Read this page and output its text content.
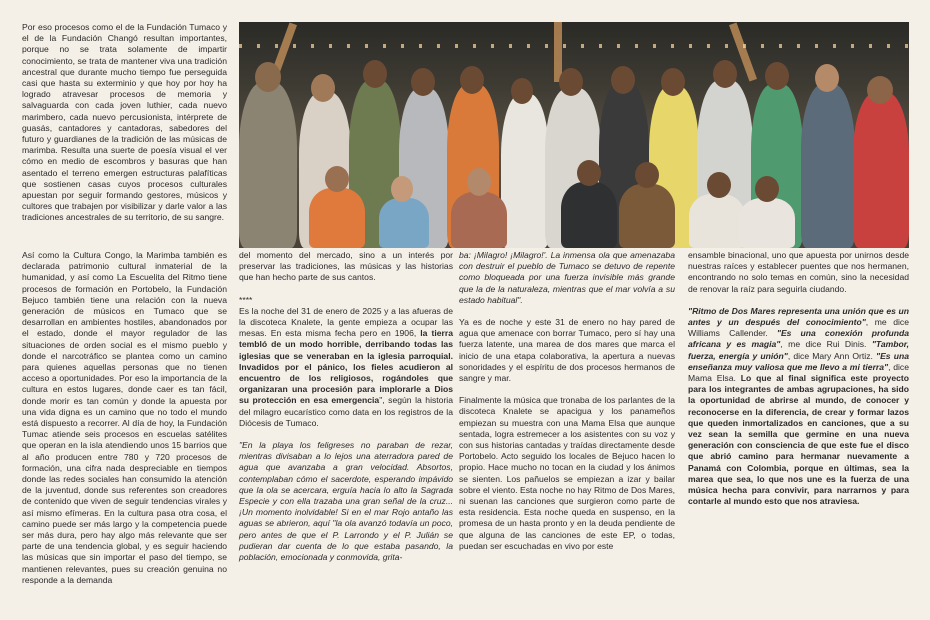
Por eso procesos como el de la Fundación Tumaco y el de la Fundación Changó resultan importantes, porque no se trata solamente de impartir conocimiento, se trata de mantener viva una tradición ancestral que durante mucho tiempo fue perseguida casi que hasta su exterminio y que hoy por hoy ha logrado atravesar procesos de memoria y salvaguarda con cada joven luthier, cada nuevo marimbero, cada nuevo percusionista, intérprete de guasás, cantadores y cantadoras, sabedores del futuro y guardianes de la tradición de las músicas de marimba. Resulta una suerte de poesía visual el ver cómo en medio de escombros y basuras que han asentado el terreno emergen estructuras palafíticas que sostienen casas cuyos procesos culturales apuestan por seguir formando gestores, músicos y cultores que trabajen por visibilizar y darle valor a las tradiciones ancestrales de su territorio, de su sangre.

Así como la Cultura Congo, la Marimba también es declarada patrimonio cultural inmaterial de la humanidad, y así como La Escuelita del Ritmo tiene procesos de formación en Portobelo, la Fundación Bejuco también tiene una relación con la nueva generación de músicos en Tumaco que se desarrollan en ambientes hostiles, abandonados por el estado, donde el mayor regulador de las situaciones de orden social es el mismo pueblo y donde el narcotráfico se plantea como un camino para quienes aquellas personas que no tienen acceso a oportunidades. Por eso la importancia de la cultura en estos lugares, donde caer es tan fácil, donde morir es tan común y donde la apuesta por una vida digna es un camino que no todo el mundo está dispuesto a recorrer. Al día de hoy, la Fundación Tumac atiende seis procesos en escuelas satélites que operan en la isla atendiendo unos 15 barrios que al año producen entre 780 y 720 procesos de formación, una cifra nada despreciable en tiempos donde las redes sociales han consumido la atención de la juventud, donde sus referentes son creadores de contenido que viven de seguir tendencias virales y así mismo efímeras. En la cultura pasa otra cosa, el camino puede ser más largo y la competencia puede ser más dura, pero hay algo más relevante que ser parte de una tendencia global, y es seguir haciendo las músicas que sin importar el paso del tiempo, se mantienen relevantes, pues su creación genuina no responde a la demanda

del momento del mercado, sino a un interés por preservar las tradiciones, las músicas y las historias que han hecho parte de sus cantos.

****

Es la noche del 31 de enero de 2025 y a las afueras de la discoteca Knalete, la gente empieza a ocupar las mesas. En esta misma fecha pero en 1906, la tierra tembló de un modo horrible, derribando todas las iglesias que se veneraban en la iglesia parroquial. Invadidos por el pánico, los fieles acudieron al encuentro de los religiosos, rogándoles que organizaran una procesión para implorarle a Dios su protección en esa emergencia", según la historia del milagro eucarístico como data en los registros de la Diócesis de Tumaco.

"En la playa los feligreses no paraban de rezar, mientras divisaban a lo lejos una aterradora pared de agua que avanzaba a gran velocidad. Absortos, contemplaban cómo el sacerdote, esperando impávido que la ola se acercara, erguía hacia lo alto la Sagrada Especie y con ella trazaba una gran señal de la cruz... ¡Un momento inolvidable! Si en el mar Rojo antaño las aguas se abrieron, aquí "la ola avanzó todavía un poco, pero antes de que el P. Larrondo y el P. Julián se pudieran dar cuenta de lo que estaba pasando, la población, emocionada y conmovida, grita-

ba: ¡Milagro! ¡Milagro!'. La inmensa ola que amenazaba con destruir el pueblo de Tumaco se detuvo de repente como bloqueada por una fuerza invisible más grande que la de la naturaleza, mientras que el mar volvía a su estado habitual".

Ya es de noche y este 31 de enero no hay pared de agua que amenace con borrar Tumaco, pero sí hay una fuerza latente, una marea de dos mares que marca el inicio de una etapa colaborativa, la apertura a nuevas sonoridades y el espíritu de dos procesos hermanos de sangre y mar.

Finalmente la música que tronaba de los parlantes de la discoteca Knalete se apacigua y los panameños empiezan su muestra con una Mama Elsa que aunque sentada, logra estremecer a los asistentes con su voz y con sus historias cantadas y traídas directamente desde Portobelo. Acto seguido los locales de Bejuco hacen lo propio. Hace mucho no tocan en la ciudad y los ánimos se sienten. Los pañuelos se empiezan a izar y bailar sobre el viento. Esta noche no hay Ritmo de Dos Mares, ni suenan las canciones que surgieron como parte de esta residencia. Esta noche queda en suspenso, en la promesa de un hasta pronto y en la deuda pendiente de que alguna de las canciones de este EP, o todas, puedan ser escuchadas en vivo por este

ensamble binacional, uno que apuesta por unirnos desde nuestras raíces y establecer puentes que nos hermanen, encontrando no solo temas en común, sino la necesidad de renovar la raíz para seguirla ciudando.

"Ritmo de Dos Mares representa una unión que es un antes y un después del conocimiento", me dice Williams Callender. "Es una conexión profunda africana y es magia", me dice Rui Dinis. "Tambor, fuerza, energía y unión", dice Mary Ann Ortiz. "Es una enseñanza muy valiosa que me llevo a mi tierra", dice Mama Elsa. Lo que al final significa este proyecto para los integrantes de ambas agrupaciones, ha sido la oportunidad de abrirse al mundo, de conocer y reconocerse en la diferencia, de crear y formar lazos que queden inmortalizados en canciones, que a su vez sean la semilla que germine en una nueva generación con consciencia de que este fue el disco que abrió camino para hermanar nuevamente a Panamá con Colombia, porque en últimas, sea la marea que sea, lo que nos une es la fuerza de una música hecha para convivir, para narrarnos y para contarle al mundo esto que nos atraviesa.
